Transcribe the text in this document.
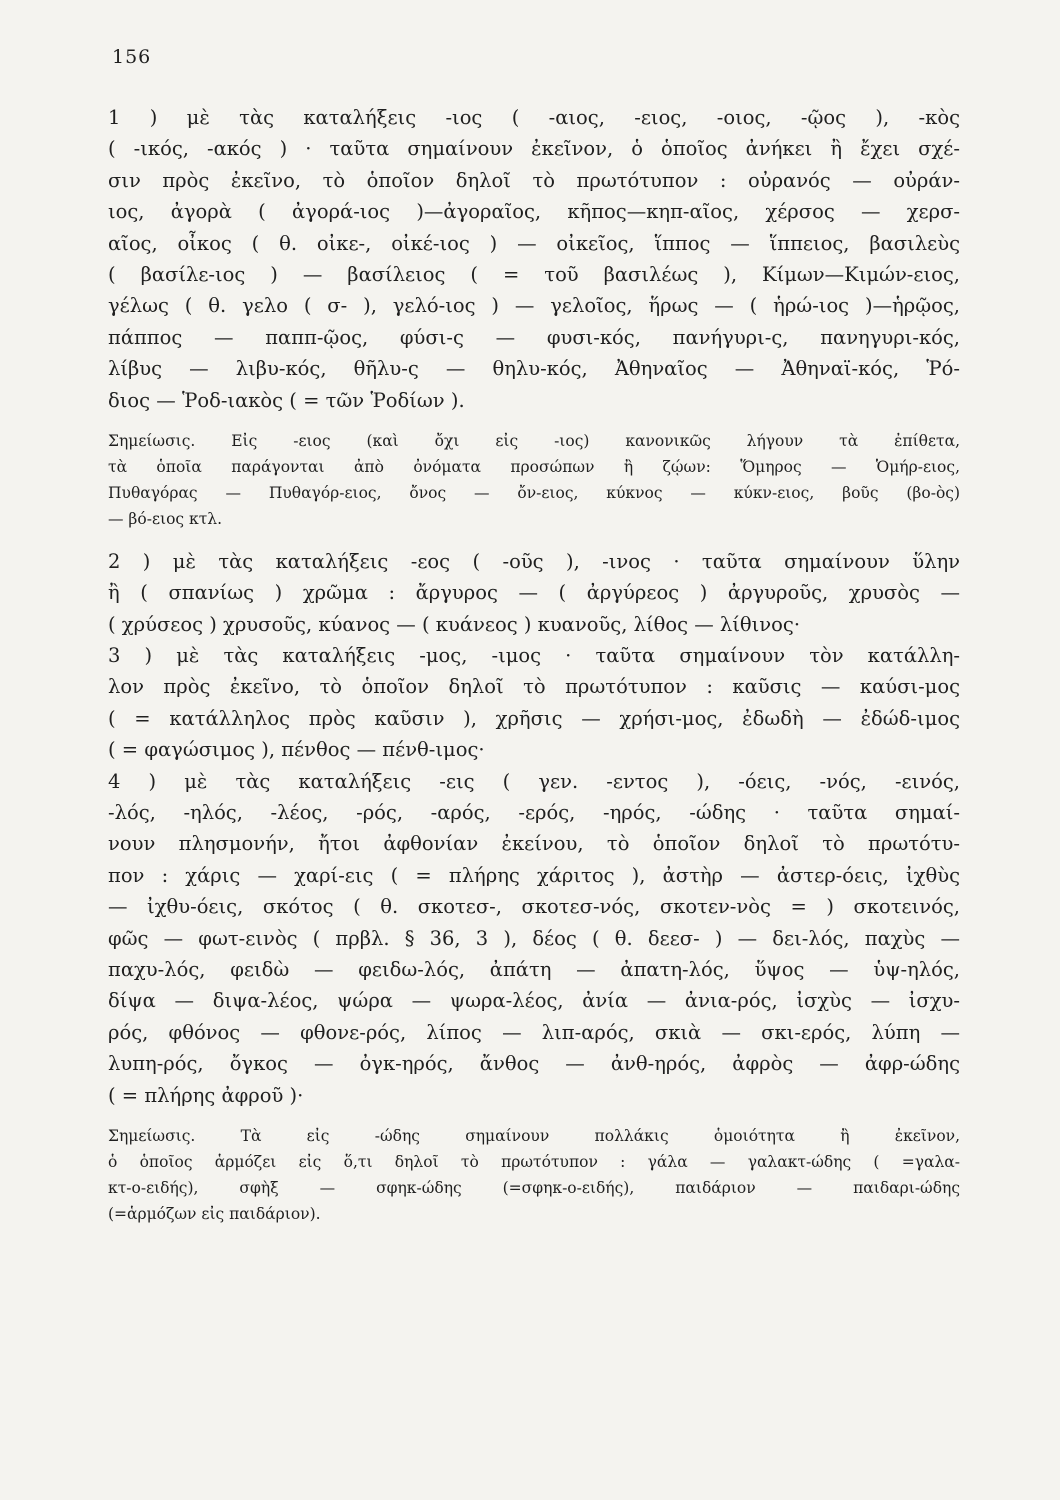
156
1 ) μὲ τὰς καταλήξεις -ιος ( -αιος, -ειος, -οιος, -ῷος ), -κὸς
( -ικός, -ακός ) · ταῦτα σημαίνουν ἐκεῖνον, ὁ ὁποῖος ἀνήκει ἢ ἔχει σχέ-
σιν πρὸς ἐκεῖνο, τὸ ὁποῖον δηλοῖ τὸ πρωτότυπον : οὐρανός — οὐράν-
ιος, ἀγορὰ ( ἀγορά-ιος )—ἀγοραῖος, κῆπος—κηπ-αῖος, χέρσος — χερσ-
αῖος, οἶκος ( θ. οἰκε-, οἰκέ-ιος ) — οἰκεῖος, ἵππος — ἵππειος, βασιλεὺς
( βασίλε-ιος ) — βασίλειος ( = τοῦ βασιλέως ), Κίμων—Κιμών-ειος,
γέλως ( θ. γελο ( σ- ), γελό-ιος ) — γελοῖος, ἥρως — ( ἡρώ-ιος )—ἡρῷος,
πάππος — παππ-ῷος, φύσι-ς — φυσι-κός, πανήγυρι-ς, πανηγυρι-κός,
λίβυς — λιβυ-κός, θῆλυ-ς — θηλυ-κός, Ἀθηναῖος — Ἀθηναϊ-κός, Ῥό-
διος — Ῥοδ-ιακὸς ( = τῶν Ῥοδίων ).
Σημείωσις. Εἰς -ειος (καὶ ὄχι εἰς -ιος) κανονικῶς λήγουν τὰ ἐπίθετα,
τὰ ὁποῖα παράγονται ἀπὸ ὀνόματα προσώπων ἢ ζῴων: Ὅμηρος — Ὁμήρ-ειος,
Πυθαγόρας — Πυθαγόρ-ειος, ὄνος — ὄν-ειος, κύκνος — κύκν-ειος, βοῦς (βο-ὸς)
— βό-ειος κτλ.
2 ) μὲ τὰς καταλήξεις -εος ( -οῦς ), -ινος · ταῦτα σημαίνουν ὕλην
ἢ ( σπανίως ) χρῶμα : ἄργυρος — ( ἀργύρεος ) ἀργυροῦς, χρυσὸς —
( χρύσεος ) χρυσοῦς, κύανος — ( κυάνεος ) κυανοῦς, λίθος — λίθινος·
3 ) μὲ τὰς καταλήξεις -μος, -ιμος · ταῦτα σημαίνουν τὸν κατάλλη-
λον πρὸς ἐκεῖνο, τὸ ὁποῖον δηλοῖ τὸ πρωτότυπον : καῦσις — καύσι-μος
( = κατάλληλος πρὸς καῦσιν ), χρῆσις — χρήσι-μος, ἐδωδὴ — ἐδώδ-ιμος
( = φαγώσιμος ), πένθος — πένθ-ιμος·
4 ) μὲ τὰς καταλήξεις -εις ( γεν. -εντος ), -όεις, -νός, -εινός,
-λός, -ηλός, -λέος, -ρός, -αρός, -ερός, -ηρός, -ώδης · ταῦτα σημαί-
νουν πλησμονήν, ἤτοι ἀφθονίαν ἐκείνου, τὸ ὁποῖον δηλοῖ τὸ πρωτότυ-
πον : χάρις — χαρί-εις ( = πλήρης χάριτος ), ἀστὴρ — ἀστερ-όεις, ἰχθὺς
— ἰχθυ-όεις, σκότος ( θ. σκοτεσ-, σκοτεσ-νός, σκοτεν-νὸς = ) σκοτεινός,
φῶς — φωτ-εινὸς ( πρβλ. § 36, 3 ), δέος ( θ. δεεσ- ) — δει-λός, παχὺς —
παχυ-λός, φειδὼ — φειδω-λός, ἀπάτη — ἀπατη-λός, ὕψος — ὑψ-ηλός,
δίψα — διψα-λέος, ψώρα — ψωρα-λέος, ἀνία — ἀνια-ρός, ἰσχὺς — ἰσχυ-
ρός, φθόνος — φθονε-ρός, λίπος — λιπ-αρός, σκιὰ — σκι-ερός, λύπη —
λυπη-ρός, ὄγκος — ὀγκ-ηρός, ἄνθος — ἀνθ-ηρός, ἀφρὸς — ἀφρ-ώδης
( = πλήρης ἀφροῦ )·
Σημείωσις. Τὰ εἰς -ώδης σημαίνουν πολλάκις ὁμοιότητα ἢ ἐκεῖνον,
ὁ ὁποῖος ἁρμόζει εἰς ὅ,τι δηλοῖ τὸ πρωτότυπον : γάλα — γαλακτ-ώδης ( =γαλα-
κτ-ο-ειδής), σφὴξ — σφηκ-ώδης (=σφηκ-ο-ειδής), παιδάριον — παιδαρι-ώδης
(=ἁρμόζων εἰς παιδάριον).
